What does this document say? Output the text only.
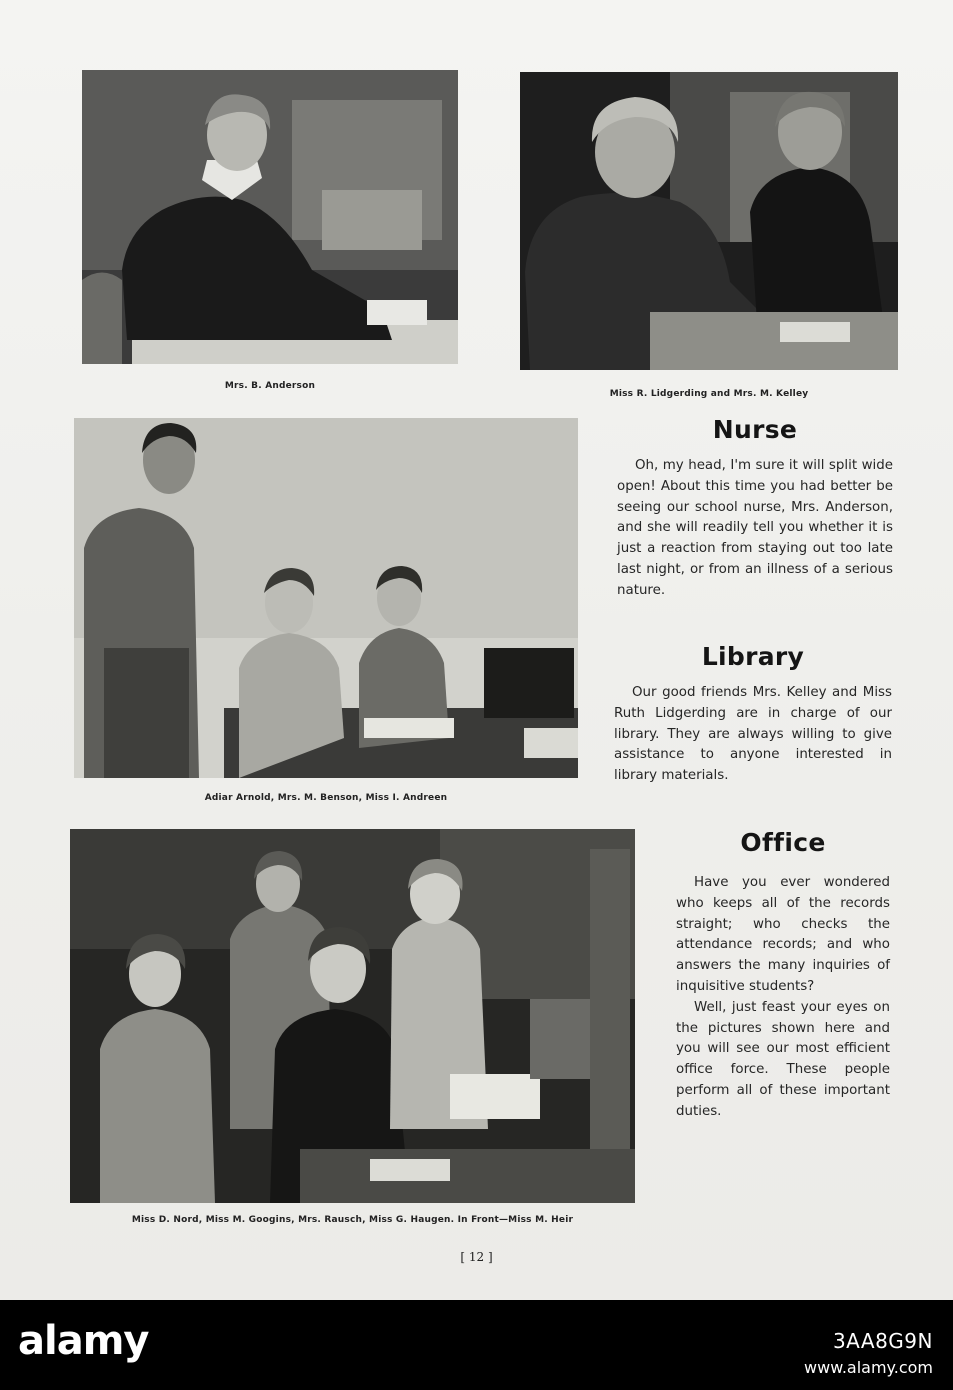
Mrs. B. Anderson
Miss R. Lidgerding and Mrs. M. Kelley
Adiar Arnold, Mrs. M. Benson, Miss I. Andreen
Miss D. Nord, Miss M. Googins, Mrs. Rausch, Miss G. Haugen. In Front—Miss M. Heir
Nurse

Oh, my head, I'm sure it will split wide open! About this time you had better be seeing our school nurse, Mrs. Anderson, and she will readily tell you whether it is just a reaction from staying out too late last night, or from an illness of a serious nature.

Library

Our good friends Mrs. Kelley and Miss Ruth Lidgerding are in charge of our library. They are always willing to give assistance to anyone interested in library materials.

Office

Have you ever wondered who keeps all of the records straight; who checks the attendance records; and who answers the many inquiries of inquisitive students?

Well, just feast your eyes on the pictures shown here and you will see our most efficient office force. These people perform all of these important duties.

[ 12 ]
alamy	3AA8G9N
www.alamy.com
